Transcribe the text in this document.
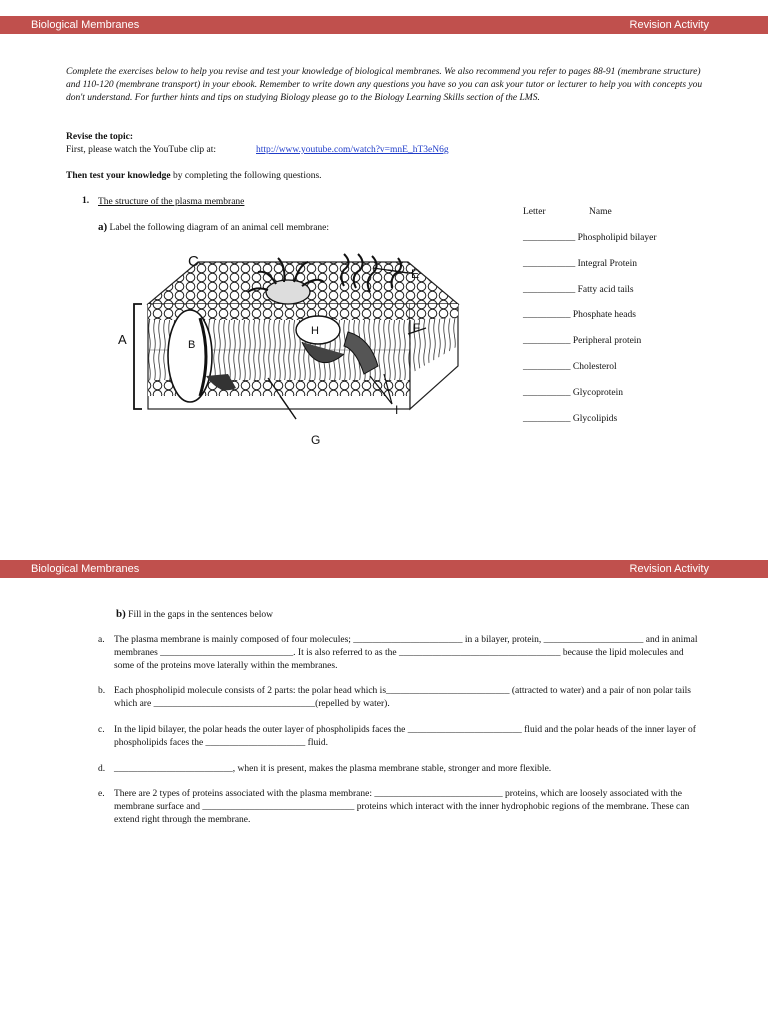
Biological Membranes	Revision Activity
Complete the exercises below to help you revise and test your knowledge of biological membranes. We also recommend you refer to pages 88-91 (membrane structure) and 110-120 (membrane transport) in your ebook. Remember to write down any questions you have so you can ask your tutor or lecturer to help you with concepts you don't understand. For further hints and tips on studying Biology please go to the Biology Learning Skills section of the LMS.
Revise the topic:
First, please watch the YouTube clip at:	http://www.youtube.com/watch?v=mnE_hT3eN6g
Then test your knowledge by completing the following questions.
1. The structure of the plasma membrane
a) Label the following diagram of an animal cell membrane:
Letter	Name
___________ Phospholipid bilayer
___________ Integral Protein
___________ Fatty acid tails
__________ Phosphate heads
__________ Peripheral protein
__________ Cholesterol
__________ Glycoprotein
__________ Glycolipids
A	B
C
E
F
H
I
G
Biological Membranes	Revision Activity
b) Fill in the gaps in the sentences below
a. The plasma membrane is mainly composed of four molecules; _______________________ in a bilayer, protein, _____________________ and in animal membranes ____________________________. It is also referred to as the __________________________________ because the lipid molecules and some of the proteins move laterally within the membranes.
b. Each phospholipid molecule consists of 2 parts: the polar head which is__________________________ (attracted to water) and a pair of non polar tails which are __________________________________(repelled by water).
c. In the lipid bilayer, the polar heads the outer layer of phospholipids faces the ________________________ fluid and the polar heads of the inner layer of phospholipids faces the _____________________ fluid.
d. _________________________, when it is present, makes the plasma membrane stable, stronger and more flexible.
e. There are 2 types of proteins associated with the plasma membrane: ___________________________ proteins, which are loosely associated with the membrane surface and ________________________________ proteins which interact with the inner hydrophobic regions of the membrane. These can extend right through the membrane.
